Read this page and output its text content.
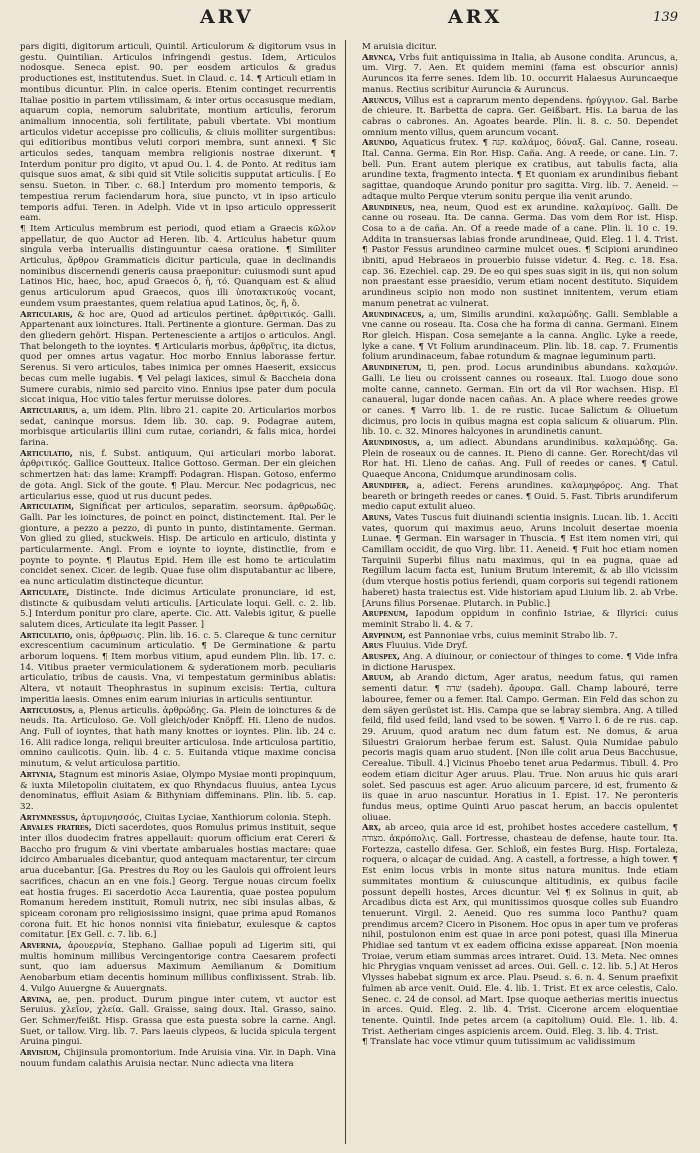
ARV	ARX	139

pars digiti, digitorum articuli, Quintil. Articulorum & digitorum vsus in gestu. Quintilian. Articulos infringendi gestus. Idem, Articulos nodosque. Seneca epist. 90. per eosdem articulos & gradus productiones est, institutendus. Suet. in Claud. c. 14. ¶ Articuli etiam in montibus dicuntur. Plin. in calce operis. Etenim continget recurrentis Italiae positio in partem vtilissimam, & inter ortus occasusque mediam, aquarum copia, nemorum salubritate, montium articulis, ferorum animalium innocentia, soli fertilitate, pabuli vbertate. Vbi montium articulos videtur accepisse pro colliculis, & cliuis molliter surgentibus: qui editioribus montibus veluti corpori membra, sunt annexi. ¶ Sic articulos sedes, tanquam membra religionis nostrae dixerunt. ¶ Interdum ponitur pro digito, vt apud Ou. l. 4. de Ponto. At reditus iam quisque suos amat, & sibi quid sit Vtile solicitis supputat articulis. [ Eo sensu. Sueton. in Tiber. c. 68.] Interdum pro momento temporis, & tempestiua rerum faciendarum hora, siue puncto, vt in ipso articulo temporis adfui. Teren. in Adelph. Vide vt in ipso articulo oppresserit eam.

¶ Item Articulus membrum est periodi, quod etiam a Graecis κῶλον appellatur, de quo Auctor ad Heren. lib. 4. Articulus habetur quum singula verba interuallis distinguuntur caesa oratione. ¶ Similiter Articulus, ἄρθρον Grammaticis dicitur particula, quae in declinandis nominibus discernendi generis causa praeponitur: cuiusmodi sunt apud Latinos Hic, haec, hoc, apud Graecos ὁ, ἡ, τό. Quanquam est & aliud genus articulorum apud Graecos, quos illi ὑποτακτικούς vocant, eundem vsum praestantes, quem relatiua apud Latinos, ὅς, ἥ, ὅ.

Articularis, & hoc are, Quod ad articulos pertinet. ἀρθριτικός. Galli. Appartenant aux ioinctures. Itali. Pertinente a gionture. German. Das zu den gliedern gehört. Hispan. Pertenesciente a artijos o articulos. Angl. That belongeth to the ioyntes. ¶ Articularis morbus, ἀρθρῖτις, ita dictus, quod per omnes artus vagatur. Hoc morbo Ennius laborasse fertur. Serenus. Si vero articulos, tabes inimica per omnes Haeserit, exsiccus becas cum melle iugabis. ¶ Vel pelagi laxices, simul & Baccheia dona Sumere curabis, nimio sed parcito vino. Ennius ipse pater dum pocula siccat iniqua, Hoc vitio tales fertur meruisse dolores.

Articularius, a, um idem. Plin. libro 21. capite 20. Articularios morbos sedat, caninque morsus. Idem lib. 30. cap. 9. Podagrae autem, morbisque articulariis illini cum rutae, coriandri, & falis mica, hordei farina.

Articulatio, nis, f. Subst. antiquum, Qui articulari morbo laborat. ἀρθριτικός. Gallice Goutteux. Italice Gottoso. German. Der ein gleichen schmertzen hat: das lame: Krampff: Podagran. Hispan. Gotoso, enfermo de gota. Angl. Sick of the goute. ¶ Plau. Mercur. Nec podagricus, nec articularius esse, quod ut rus ducunt pedes.

Articulatim, Significat per articulos, separatim. seorsum. ἀρθρωδῶς. Galli. Par les ioinctures, de poinct en poinct, distinctement. Ital. Per le gionture, a pezzo a pezzo, di punto in punto, distintamente. German. Von glied zu glied, stuckweis. Hisp. De articulo en articulo, distinta y particularmente. Angl. From e ioynte to ioynte, distinctlie, from e poynte to poynte. ¶ Plautus Epid. Hem ille est homo te articulatim concidet senex. Cicer. de legib. Quae fuse olim disputabantur ac libere, ea nunc articulatim distincteque dicuntur.

Articulate, Distincte. Inde dicimus Articulate pronunciare, id est, distincte & quibusdam veluti articulis. [Articulate loqui. Gell. c. 2. lib. 5.] Interdum ponitur pro clare, aperte. Cic. Att. Valebis igitur, & puelle salutem dices, Articulate ita legit Passer. ]

Articulatio, onis, ἀρθρωσις. Plin. lib. 16. c. 5. Clareque & tunc cernitur excrescentium cacuminum articulatio. ¶ De Germinatione & partu arborum loquens. ¶ Item morbus vitium, apud eundem Plin. lib. 17. c. 14. Vitibus praeter vermiculationem & syderationem morb. peculiaris articulatio, tribus de causis. Vna, vi tempestatum germinibus ablatis: Altera, vt notauit Theophrastus in supinum excisis: Tertia, cultura imperitia laesis. Omnes enim earum iniurias in articulis sentiuntur.

Articulosus, a, Plenus articulis. ἀρθρώδης. Ga. Plein de ioinctures & de neuds. Ita. Articuloso. Ge. Voll gleich/oder Knöpff. Hi. Lleno de nudos. Ang. Full of ioyntes, that hath many knottes or ioyntes. Plin. lib. 24 c. 16. Alii radice longa, reliqui breuiter articulosa. Inde articulosa partitio, omnino caulicotis. Quin. lib. 4 c. 5. Euitanda vtique maxime concisa minutum, & velut articulosa partitio.

Artynia, Stagnum est minoris Asiae, Olympo Mysiae monti propinquum, & iuxta Miletopolin ciuitatem, ex quo Rhyndacus fluuius, antea Lycus denominatus, effluit Asiam & Bithyniam diffeminans. Plin. lib. 5. cap. 32.

Artymnessus, ἀρτυμνησσός, Ciuitas Lyciae, Xanthiorum colonia. Steph.

Arvales fratres, Dicti sacerdotes, quos Romulus primus instituit, seque inter illos duodecim fratres appellauit: quorum officium erat Cereri & Baccho pro frugum & vini vbertate ambaruales hostias mactare: quae idcirco Ambaruales dicebantur, quod antequam mactarentur, ter circum arua ducebantur. [Ga. Prestres du Roy ou les Gaulois qui offroient leurs sacrifices, chacun an en vne fois.] Georg. Tergue nouas circum foelix eat hostia fruges. Ei sacerdotio Acca Laurentia, quae postea populum Romanum heredem instituit, Romuli nutrix, nec sibi insulas albas, & spiceam coronam pro religiosissimo insigni, quae prima apud Romanos corona fuit. Et hic honos nonnisi vita finiebatur, exulesque & captos comitatur. [Ex Gell. c. 7. lib. 6.]

Arvernia, ἀρουερνία, Stephano. Galliae populi ad Ligerim siti, qui multis hominum millibus Vercingentorige contra Caesarem profecti sunt, quo iam aduersus Maximum Aemilianum & Domitium Aenobarbum etiam decentis hominum millibus conflixissent. Strab. lib. 4. Vulgo Auuergne & Auuergnats.

Arvina, ae, pen. product. Durum pingue inter cutem, vt auctor est Seruius. χλεῖον, χλεία. Gall. Graisse, saing doux. Ital. Grasso, saino. Ger. Schmer/feißt. Hisp. Grassa que esta puesta sobre la carne. Angl. Suet, or tallow. Virg. lib. 7. Pars laeuis clypeos, & lucida spicula tergent Aruina pingui.

Arvisium, Chijinsula promontorium. Inde Aruisia vina. Vir. in Daph. Vina nouum fundam calathis Aruisia nectar. Nunc adiecta vna litera

M aruisia dicitur.

Arvnca, Vrbs fuit antiquissima in Italia, ab Ausone condita. Aruncus, a, um. Virg. 7. Aen. Et quidem memini (fama est obscurior annis) Auruncos ita ferre senes. Idem lib. 10. occurrit Halaesus Auruncaeque manus. Rectius scribitur Auruncia & Auruncus.

Aruncus, Villus est a caprarum mento dependens. ἠρύγγιον. Gal. Barbe de chieure. It. Barbetta de capra. Ger. Geißbart. His. La barua de las cabras o cabrones. An. Agoates bearde. Plin. li. 8. c. 50. Dependet omnium mento villus, quem aruncum vocant.

Arundo, Aquaticus frutex. ¶ קנה. καλάμος, δόναξ. Gal. Canne, roseau. Ital. Canna. Germa. Ein Ror. Hisp. Caña. Ang. A reede, or cane. Lin. 7. bell. Pun. Erant autem plerique ex cratibus, aut tabulis facta, alia arundine texta, fragmento intecta. ¶ Et quoniam ex arundinibus fiebant sagittae, quandoque Arundo ponitur pro sagitta. Virg. lib. 7. Aeneid. -- adtaque multo Perque vterum sonitu perque ilia venit arundo.

Arundineus, nea, neum, Quod est ex arundine. καλαμίνος. Galli. De canne ou roseau. Ita. De canna. Germa. Das vom dem Ror ist. Hisp. Cosa to a de caña. An. Of a reede made of a cane. Plin. li. 10 c. 19. Addita in transuersas labias fronde arundineae, Quid. Eleg. 1 l. 4. Trist. ¶ Pastor Fessus arundineo carmine mulcet oues. ¶ Scipioni arundineo ibniti, apud Hebraeos in prouerbio fuisse videtur. 4. Reg. c. 18. Esa. cap. 36. Ezechiel. cap. 29. De eo qui spes suas sigit in iis, qui non solum non praestant esse praesidio, verum etiam nocent destituto. Siquidem arundineus scipio non modo non sustinet innitentem, verum etiam manum penetrat ac vulnerat.

Arundinaceus, a, um, Similis arundini. καλαμώδης. Galli. Semblable a vne canne ou roseau. Ita. Cosa che ha forma di canna. Germani. Einem Ror gleich. Hispan. Cosa semejante a la canna. Anglic. Lyke a reede, lyke a cane. ¶ Vt Folium arundinaceum. Plin. lib. 18. cap. 7. Frumentis folium arundinaceum, fabae rotundum & magnae leguminum parti.

Arundinetum, ti, pen. prod. Locus arundinibus abundans. καλαμών. Galli. Le lieu ou croissent cannes ou roseaux. Ital. Luogo doue sono molte canne, canneto. German. Ein ort da vil Ror wachsen. Hisp. El canaueral, lugar donde nacen cañas. An. A place where reedes growe or canes. ¶ Varro lib. 1. de re rustic. Iucae Salictum & Oliuetum dicimus, pro locis in quibus magna est copia salicum & oliuarum. Plin. lib. 10. c. 32. Minores halcyones in arundinetis canunt.

Arundinosus, a, um adiect. Abundans arundinibus. καλαμώδης. Ga. Plein de roseaux ou de cannes. It. Pieno di canne. Ger. Rorecht/das vil Ror hat. Hi. Lleno de cañas. Ang. Full of reedes or canes. ¶ Catul. Quaeque Ancona, Cnidumque arundinosam colis.

Arundifer, a, adiect. Ferens arundines. καλαμηφόρος. Ang. That beareth or bringeth reedes or canes. ¶ Ouid. 5. Fast. Tibris arundiferum medio caput extulit alueo.

Aruns, Vates Tuscus fuit diuinandi scientia insignis. Lucan. lib. 1. Acciti vates, quorum qui maximus aeuo, Aruns incoluit desertae moenia Lunae. ¶ German. Ein warsager in Thuscia. ¶ Est item nomen viri, qui Camillam occidit, de quo Virg. libr. 11. Aeneid. ¶ Fuit hoc etiam nomen Tarquinii Superbi filius natu maximus, qui in ea pugna, quae ad Regillum lacum facta est, Iunium Brutum interemit, & ab illo vicissim (dum vterque hostis potius feriendi, quam corporis sui tegendi rationem haberet) hasta traiectus est. Vide historiam apud Liuium lib. 2. ab Vrbe. [Aruns filius Porsenae. Plutarch. in Public.]

Arupenum, Iapodum oppidum in confinio Istriae, & Illyrici: cuius meminit Strabo li. 4. & 7.

Arvpinum, est Pannoniae vrbs, cuius meminit Strabo lib. 7.

Arus Fluuius. Vide Dryf.

Aruspex, Ang. A diuinour, or coniectour of thinges to come. ¶ Vide infra in dictione Haruspex.

Aruum, ab Arando dictum, Ager aratus, needum fatus, qui ramen sementi datur. ¶ שדה (sadeh). ἄρουρα. Gall. Champ labouré, terre labouree, femer ou a femer. Ital. Campo. German. Ein Feld das schon zu dem säyen gerüstet ist. His. Campa que se labray siembra. Ang. A tilled feild, fild used feild, land vsed to be sowen. ¶ Varro l. 6 de re rus. cap. 29. Aruum, quod aratum nec dum fatum est. Ne domus, & arua Siluestri Graiorum herbae ferum est. Salust. Quia Numidae pabulo pecoris magis quam aruo student. [Non ille colit arua Deus Bacchusue, Cerealue. Tibull. 4.] Vicinus Phoebo tenet arua Pedarmus. Tibull. 4. Pro eodem etiam dicitur Ager aruus. Plau. True. Non aruus hic quis arari solet. Sed pascuus est ager. Aruo alicuum parcere, id est, frumento & iis quae in aruo nascuntur. Horatius in 1. Epist. 17. Ne peronteris fundus meus, optime Quinti Aruo pascat herum, an baccis opulentet oliuae.

Arx, ab arceo, quia arce id est, prohibet hostes accedere castellum, ¶ מצודה. ἀκρόπολις. Gall. Fortresse, chasteau de defense, haute tour. Ita. Fortezza, castello difesa. Ger. Schloß, ein festes Burg. Hisp. Fortaleza, roquera, o alcaçar de cuidad. Ang. A castell, a fortresse, a high tower. ¶ Est enim locus vrbis in monte situs natura munitus. Inde etiam summitates montium & cuiuscunque altitudinis, ex quibus facile possunt depelli hostes, Arces dicuntur. Vel ¶ ex Solinus in quit, ab Arcadibus dicta est Arx, qui munitissimos quosque colles sub Euandro tenuerunt. Virgil. 2. Aeneid. Quo res summa loco Panthu? quam prendimus arcem? Cicero in Pisonem. Hoc opus in aper tum ve proferas nihil, postulonon enim est quae in arce poni potest, quasi illa Minerua Phidiae sed tantum vt ex eadem officina exisse appareat. [Non moenia Troiae, verum etiam summas arces intraret. Ouid. 13. Meta. Nec omnes hic Phrygias vnquam venisset ad arces. Oui. Gell. c. 12. lib. 5.] At Heros Vlysses habebat signum ex arce. Plau. Pseud. s. 6. n. 4. Senum praefixit fulmen ab arce venit. Ouid. Ele. 4. lib. 1. Trist. Et ex arce celestis, Calo. Senec. c. 24 de consol. ad Mart. Ipse quoque aetherias meritis inuectus in arces. Quid. Eleg. 2. lib. 4. Trist. Cicerone arcem eloquentiae tenente. Quintil. Inde petes arcem (a capitolium) Ouid. Ele. 1. lib. 4. Trist. Aetheriam cinges aspicienis arcem. Ouid. Eleg. 3. lib. 4. Trist.

¶ Translate hac voce vtimur quum tutissimum ac validissimum
